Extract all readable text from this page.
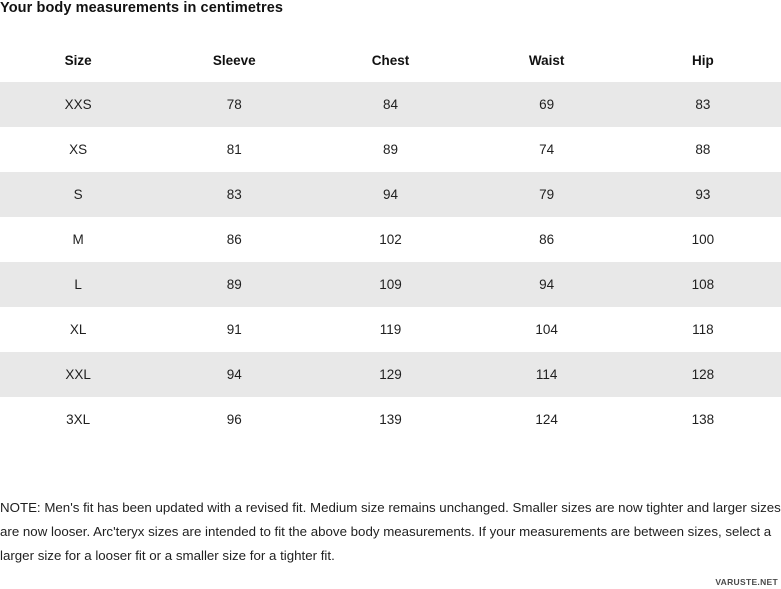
Your body measurements in centimetres
Size	Sleeve	Chest	Waist	Hip
XXS	78	84	69	83
XS	81	89	74	88
S	83	94	79	93
M	86	102	86	100
L	89	109	94	108
XL	91	119	104	118
XXL	94	129	114	128
3XL	96	139	124	138

NOTE: Men's fit has been updated with a revised fit. Medium size remains unchanged. Smaller sizes are now tighter and larger sizes are now looser. Arc'teryx sizes are intended to fit the above body measurements. If your measurements are between sizes, select a larger size for a looser fit or a smaller size for a tighter fit.

VARUSTE.NET
